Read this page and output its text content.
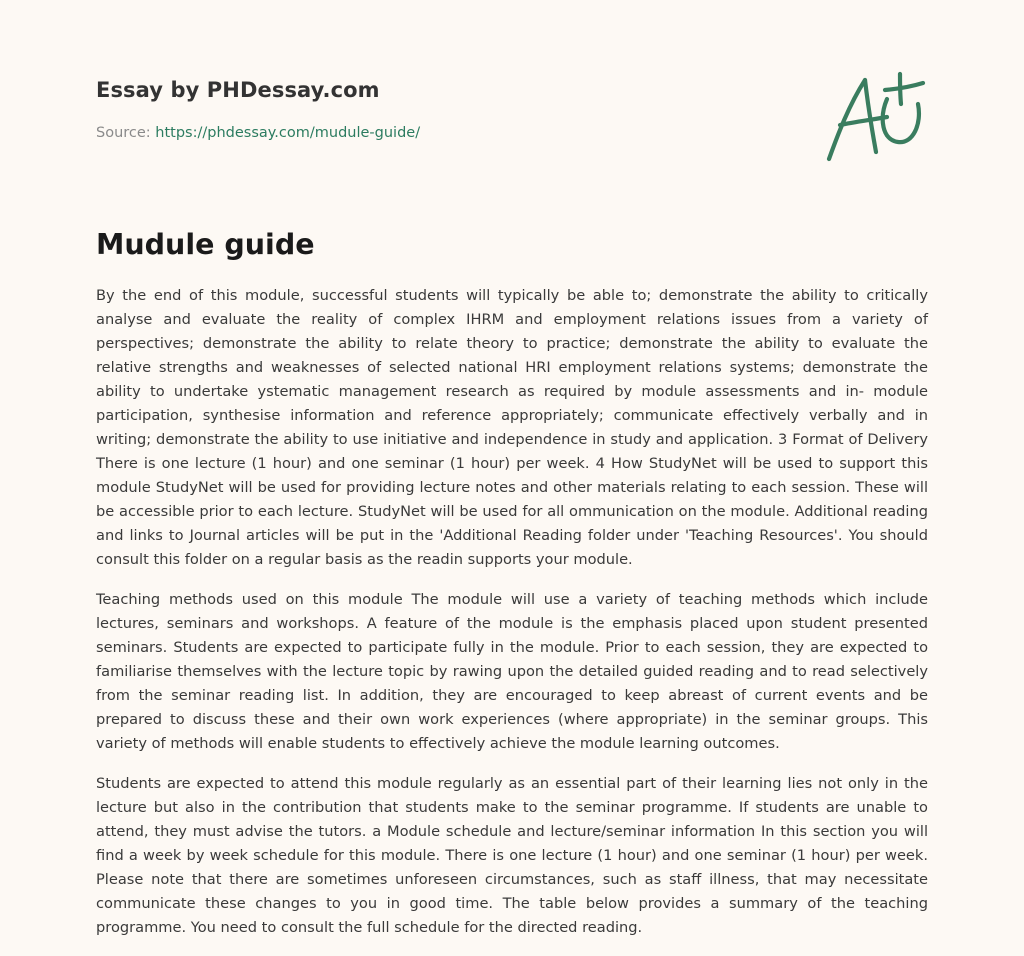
Essay by PHDessay.com
Source: https://phdessay.com/mudule-guide/
Mudule guide

By the end of this module, successful students will typically be able to; demonstrate the ability to critically analyse and evaluate the reality of complex IHRM and employment relations issues from a variety of perspectives; demonstrate the ability to relate theory to practice; demonstrate the ability to evaluate the relative strengths and weaknesses of selected national HRI employment relations systems; demonstrate the ability to undertake ystematic management research as required by module assessments and in- module participation, synthesise information and reference appropriately; communicate effectively verbally and in writing; demonstrate the ability to use initiative and independence in study and application. 3 Format of Delivery There is one lecture (1 hour) and one seminar (1 hour) per week. 4 How StudyNet will be used to support this module StudyNet will be used for providing lecture notes and other materials relating to each session. These will be accessible prior to each lecture. StudyNet will be used for all ommunication on the module. Additional reading and links to Journal articles will be put in the 'Additional Reading folder under 'Teaching Resources'. You should consult this folder on a regular basis as the readin supports your module.

Teaching methods used on this module The module will use a variety of teaching methods which include lectures, seminars and workshops. A feature of the module is the emphasis placed upon student presented seminars. Students are expected to participate fully in the module. Prior to each session, they are expected to familiarise themselves with the lecture topic by rawing upon the detailed guided reading and to read selectively from the seminar reading list. In addition, they are encouraged to keep abreast of current events and be prepared to discuss these and their own work experiences (where appropriate) in the seminar groups. This variety of methods will enable students to effectively achieve the module learning outcomes.

Students are expected to attend this module regularly as an essential part of their learning lies not only in the lecture but also in the contribution that students make to the seminar programme. If students are unable to attend, they must advise the tutors. a Module schedule and lecture/seminar information In this section you will find a week by week schedule for this module. There is one lecture (1 hour) and one seminar (1 hour) per week. Please note that there are sometimes unforeseen circumstances, such as staff illness, that may necessitate communicate these changes to you in good time. The table below provides a summary of the teaching programme. You need to consult the full schedule for the directed reading.
